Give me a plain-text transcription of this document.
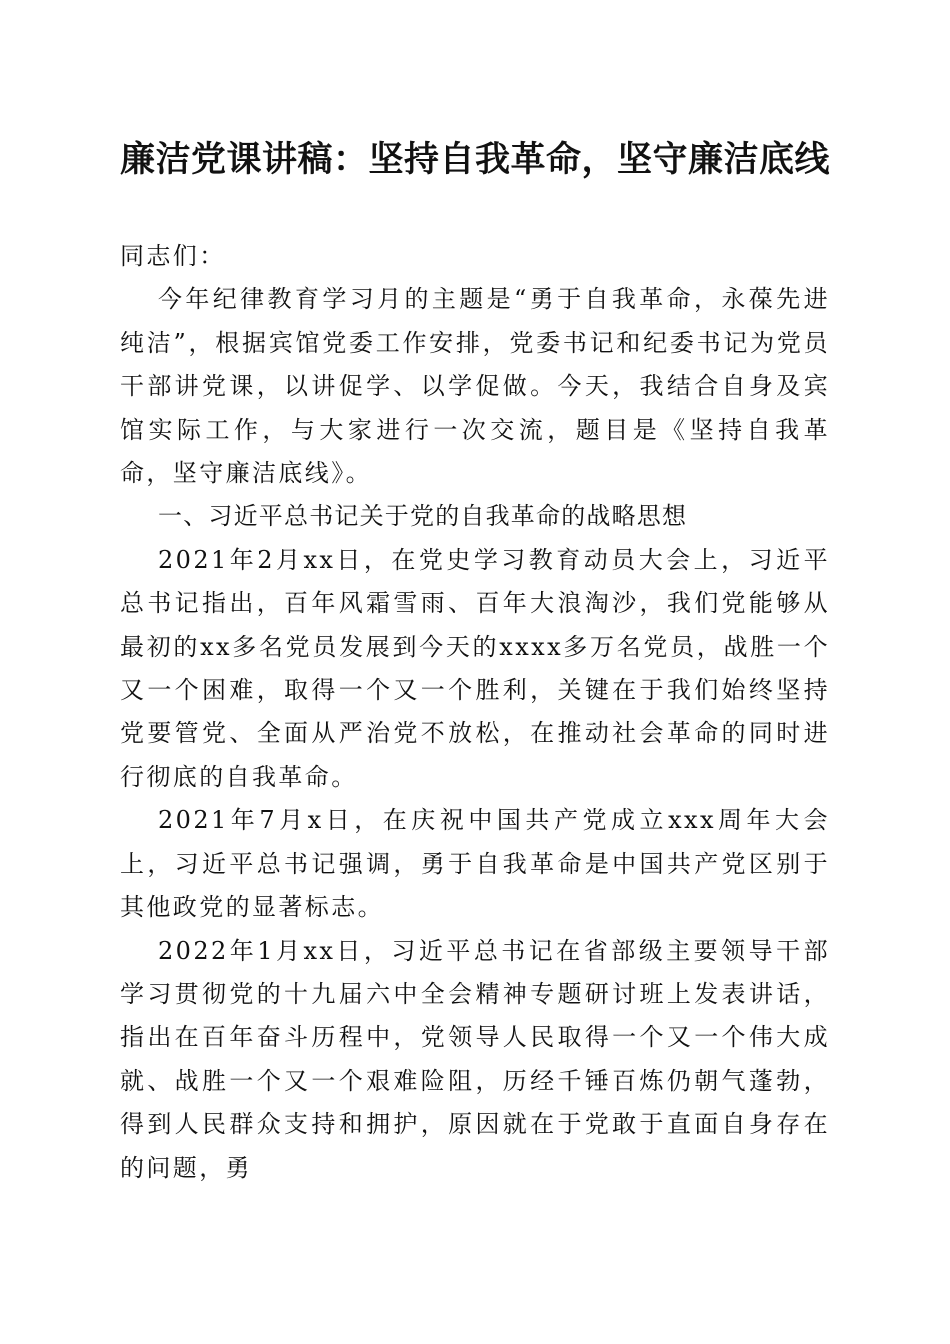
廉洁党课讲稿：坚持自我革命，坚守廉洁底线

同志们：

今年纪律教育学习月的主题是“勇于自我革命，永葆先进纯洁”，根据宾馆党委工作安排，党委书记和纪委书记为党员干部讲党课，以讲促学、以学促做。今天，我结合自身及宾馆实际工作，与大家进行一次交流，题目是《坚持自我革命，坚守廉洁底线》。

一、习近平总书记关于党的自我革命的战略思想

2021年2月xx日，在党史学习教育动员大会上，习近平总书记指出，百年风霜雪雨、百年大浪淘沙，我们党能够从最初的xx多名党员发展到今天的xxxx多万名党员，战胜一个又一个困难，取得一个又一个胜利，关键在于我们始终坚持党要管党、全面从严治党不放松，在推动社会革命的同时进行彻底的自我革命。

2021年7月x日，在庆祝中国共产党成立xxx周年大会上，习近平总书记强调，勇于自我革命是中国共产党区别于其他政党的显著标志。

2022年1月xx日，习近平总书记在省部级主要领导干部学习贯彻党的十九届六中全会精神专题研讨班上发表讲话，指出在百年奋斗历程中，党领导人民取得一个又一个伟大成就、战胜一个又一个艰难险阻，历经千锤百炼仍朝气蓬勃，得到人民群众支持和拥护，原因就在于党敢于直面自身存在的问题，勇
